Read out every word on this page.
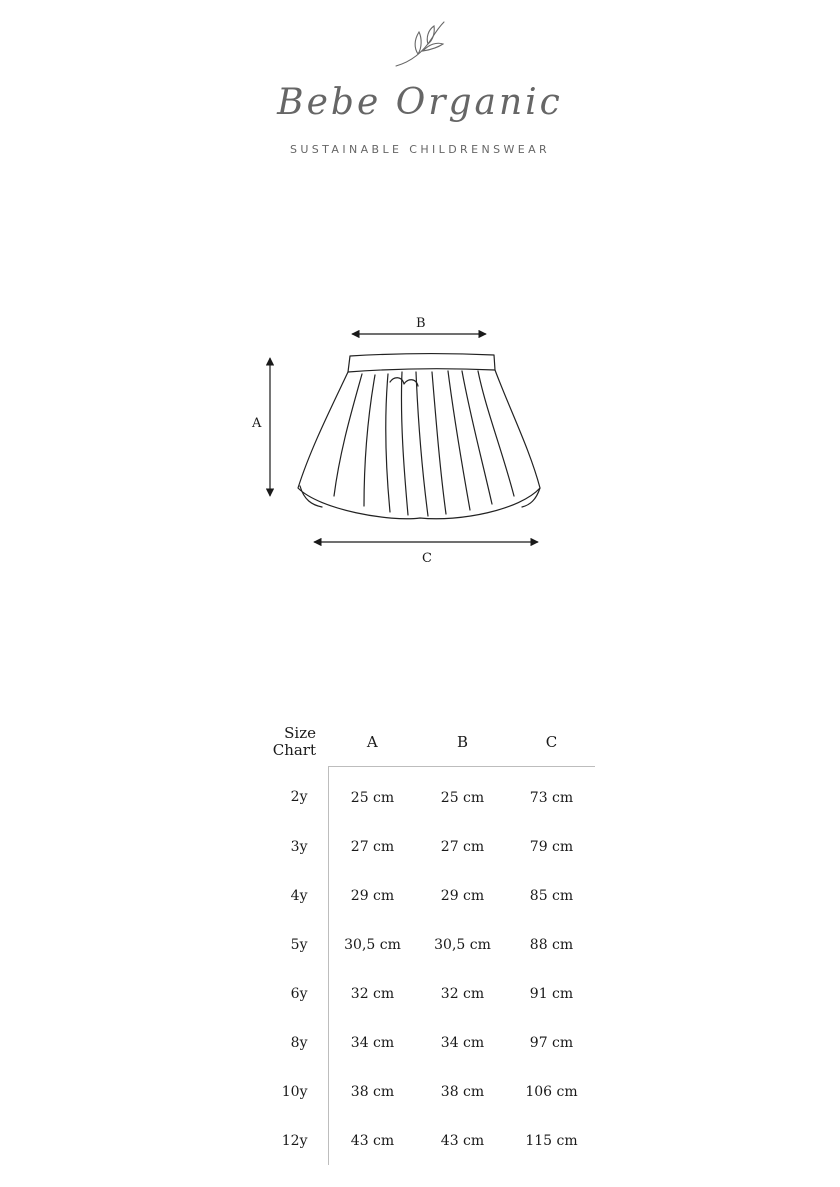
Bebe Organic
SUSTAINABLE CHILDRENSWEAR
A
B
C
Size
Chart	A	B	C
2y	25 cm	25 cm	73 cm
3y	27 cm	27 cm	79 cm
4y	29 cm	29 cm	85 cm
5y	30,5 cm	30,5 cm	88 cm
6y	32 cm	32 cm	91 cm
8y	34 cm	34 cm	97 cm
10y	38 cm	38 cm	106 cm
12y	43 cm	43 cm	115 cm
